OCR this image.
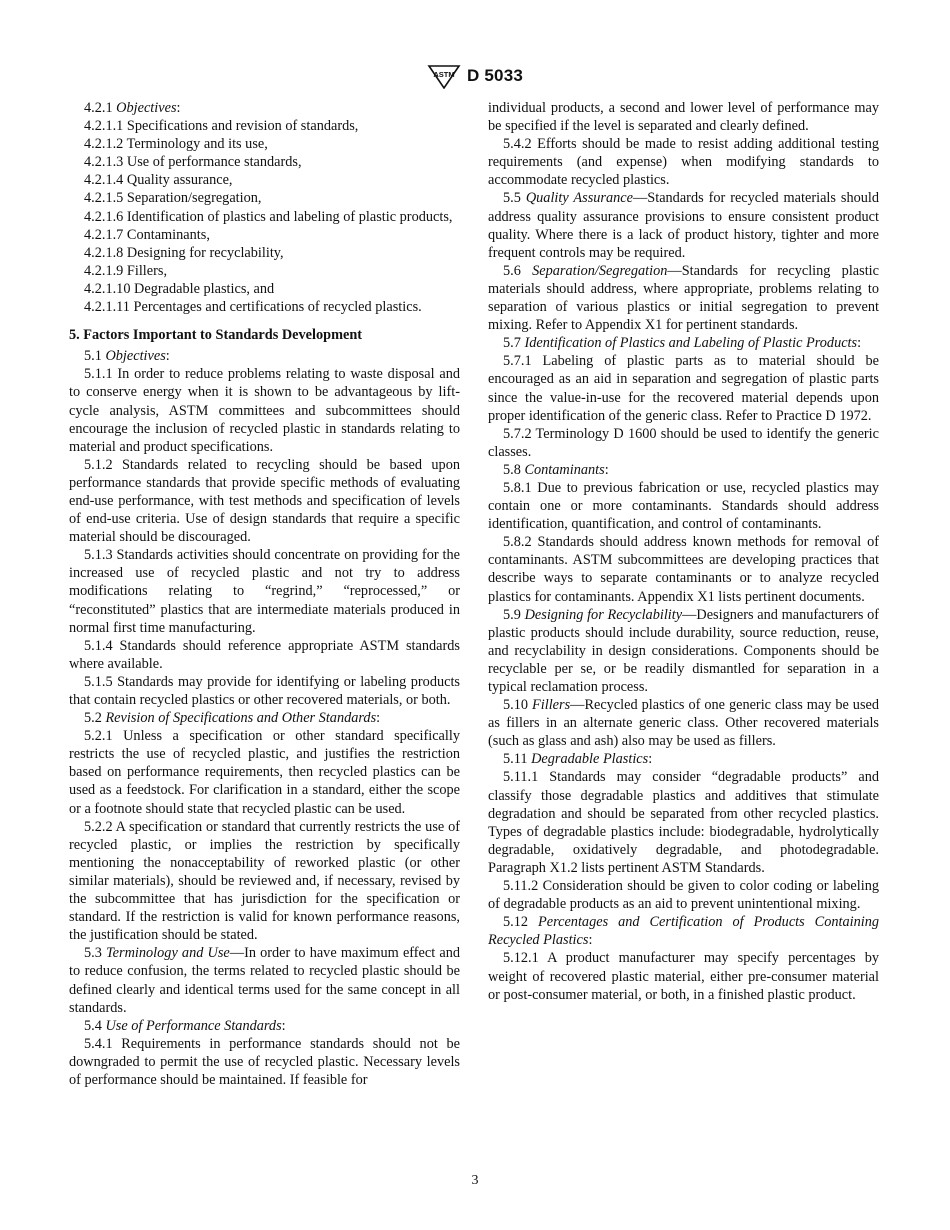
ASTM D 5033
4.2.1 Objectives:
4.2.1.1 Specifications and revision of standards,
4.2.1.2 Terminology and its use,
4.2.1.3 Use of performance standards,
4.2.1.4 Quality assurance,
4.2.1.5 Separation/segregation,
4.2.1.6 Identification of plastics and labeling of plastic products,
4.2.1.7 Contaminants,
4.2.1.8 Designing for recyclability,
4.2.1.9 Fillers,
4.2.1.10 Degradable plastics, and
4.2.1.11 Percentages and certifications of recycled plastics.
5. Factors Important to Standards Development
5.1 Objectives:
5.1.1 In order to reduce problems relating to waste disposal and to conserve energy when it is shown to be advantageous by lift-cycle analysis, ASTM committees and subcommittees should encourage the inclusion of recycled plastic in standards relating to material and product specifications.
5.1.2 Standards related to recycling should be based upon performance standards that provide specific methods of evaluating end-use performance, with test methods and specification of levels of end-use criteria. Use of design standards that require a specific material should be discouraged.
5.1.3 Standards activities should concentrate on providing for the increased use of recycled plastic and not try to address modifications relating to “regrind,” “reprocessed,” or “reconstituted” plastics that are intermediate materials produced in normal first time manufacturing.
5.1.4 Standards should reference appropriate ASTM standards where available.
5.1.5 Standards may provide for identifying or labeling products that contain recycled plastics or other recovered materials, or both.
5.2 Revision of Specifications and Other Standards:
5.2.1 Unless a specification or other standard specifically restricts the use of recycled plastic, and justifies the restriction based on performance requirements, then recycled plastics can be used as a feedstock. For clarification in a standard, either the scope or a footnote should state that recycled plastic can be used.
5.2.2 A specification or standard that currently restricts the use of recycled plastic, or implies the restriction by specifically mentioning the nonacceptability of reworked plastic (or other similar materials), should be reviewed and, if necessary, revised by the subcommittee that has jurisdiction for the specification or standard. If the restriction is valid for known performance reasons, the justification should be stated.
5.3 Terminology and Use—In order to have maximum effect and to reduce confusion, the terms related to recycled plastic should be defined clearly and identical terms used for the same concept in all standards.
5.4 Use of Performance Standards:
5.4.1 Requirements in performance standards should not be downgraded to permit the use of recycled plastic. Necessary levels of performance should be maintained. If feasible for
individual products, a second and lower level of performance may be specified if the level is separated and clearly defined.
5.4.2 Efforts should be made to resist adding additional testing requirements (and expense) when modifying standards to accommodate recycled plastics.
5.5 Quality Assurance—Standards for recycled materials should address quality assurance provisions to ensure consistent product quality. Where there is a lack of product history, tighter and more frequent controls may be required.
5.6 Separation/Segregation—Standards for recycling plastic materials should address, where appropriate, problems relating to separation of various plastics or initial segregation to prevent mixing. Refer to Appendix X1 for pertinent standards.
5.7 Identification of Plastics and Labeling of Plastic Products:
5.7.1 Labeling of plastic parts as to material should be encouraged as an aid in separation and segregation of plastic parts since the value-in-use for the recovered material depends upon proper identification of the generic class. Refer to Practice D 1972.
5.7.2 Terminology D 1600 should be used to identify the generic classes.
5.8 Contaminants:
5.8.1 Due to previous fabrication or use, recycled plastics may contain one or more contaminants. Standards should address identification, quantification, and control of contaminants.
5.8.2 Standards should address known methods for removal of contaminants. ASTM subcommittees are developing practices that describe ways to separate contaminants or to analyze recycled plastics for contaminants. Appendix X1 lists pertinent documents.
5.9 Designing for Recyclability—Designers and manufacturers of plastic products should include durability, source reduction, reuse, and recyclability in design considerations. Components should be recyclable per se, or be readily dismantled for separation in a typical reclamation process.
5.10 Fillers—Recycled plastics of one generic class may be used as fillers in an alternate generic class. Other recovered materials (such as glass and ash) also may be used as fillers.
5.11 Degradable Plastics:
5.11.1 Standards may consider “degradable products” and classify those degradable plastics and additives that stimulate degradation and should be separated from other recycled plastics. Types of degradable plastics include: biodegradable, hydrolytically degradable, oxidatively degradable, and photodegradable. Paragraph X1.2 lists pertinent ASTM Standards.
5.11.2 Consideration should be given to color coding or labeling of degradable products as an aid to prevent unintentional mixing.
5.12 Percentages and Certification of Products Containing Recycled Plastics:
5.12.1 A product manufacturer may specify percentages by weight of recovered plastic material, either pre-consumer material or post-consumer material, or both, in a finished plastic product.
3
